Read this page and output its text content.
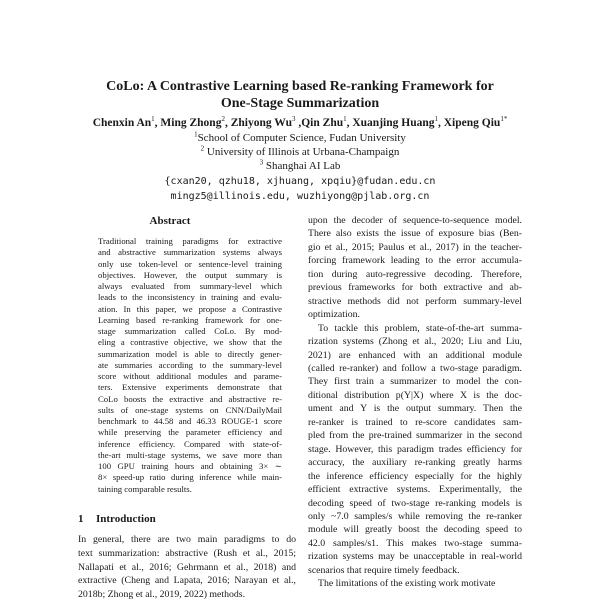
CoLo: A Contrastive Learning based Re-ranking Framework for
One-Stage Summarization
Chenxin An$^1$, Ming Zhong$^2$, Zhiyong Wu$^3$ ,Qin Zhu$^1$, Xuanjing Huang$^1$, Xipeng Qiu$^{1*}$
$^1$School of Computer Science, Fudan University
$^2$ University of Illinois at Urbana-Champaign
$^3$ Shanghai AI Lab
{cxan20, qzhu18, xjhuang, xpqiu}@fudan.edu.cn
mingz5@illinois.edu, wuzhiyong@pjlab.org.cn
Abstract
Traditional training paradigms for extractive
and abstractive summarization systems always
only use token-level or sentence-level training
objectives. However, the output summary is
always evaluated from summary-level which
leads to the inconsistency in training and evalu-
ation. In this paper, we propose a Contrastive
Learning based re-ranking framework for one-
stage summarization called CoLo. By mod-
eling a contrastive objective, we show that the
summarization model is able to directly gener-
ate summaries according to the summary-level
score without additional modules and parame-
ters. Extensive experiments demonstrate that
CoLo boosts the extractive and abstractive re-
sults of one-stage systems on CNN/DailyMail
benchmark to 44.58 and 46.33 ROUGE-1 score
while preserving the parameter efficiency and
inference efficiency. Compared with state-of-
the-art multi-stage systems, we save more than
100 GPU training hours and obtaining 3× ∼
8× speed-up ratio during inference while main-
taining comparable results.
1 Introduction
In general, there are two main paradigms to do
text summarization: abstractive (Rush et al., 2015;
Nallapati et al., 2016; Gehrmann et al., 2018) and
extractive (Cheng and Lapata, 2016; Narayan et al.,
2018b; Zhong et al., 2019, 2022) methods.
upon the decoder of sequence-to-sequence model.
There also exists the issue of exposure bias (Ben-
gio et al., 2015; Paulus et al., 2017) in the teacher-
forcing framework leading to the error accumula-
tion during auto-regressive decoding. Therefore,
previous frameworks for both extractive and ab-
stractive methods did not perform summary-level
optimization.
To tackle this problem, state-of-the-art summa-
rization systems (Zhong et al., 2020; Liu and Liu,
2021) are enhanced with an additional module
(called re-ranker) and follow a two-stage paradigm.
They first train a summarizer to model the con-
ditional distribution p(Y|X) where X is the doc-
ument and Y is the output summary. Then the
re-ranker is trained to re-score candidates sam-
pled from the pre-trained summarizer in the second
stage. However, this paradigm trades efficiency for
accuracy, the auxiliary re-ranking greatly harms
the inference efficiency especially for the highly
efficient extractive systems. Experimentally, the
decoding speed of two-stage re-ranking models is
only ~7.0 samples/s while removing the re-ranker
module will greatly boost the decoding speed to
42.0 samples/s1. This makes two-stage summa-
rization systems may be unacceptable in real-world
scenarios that require timely feedback.
The limitations of the existing work motivate
